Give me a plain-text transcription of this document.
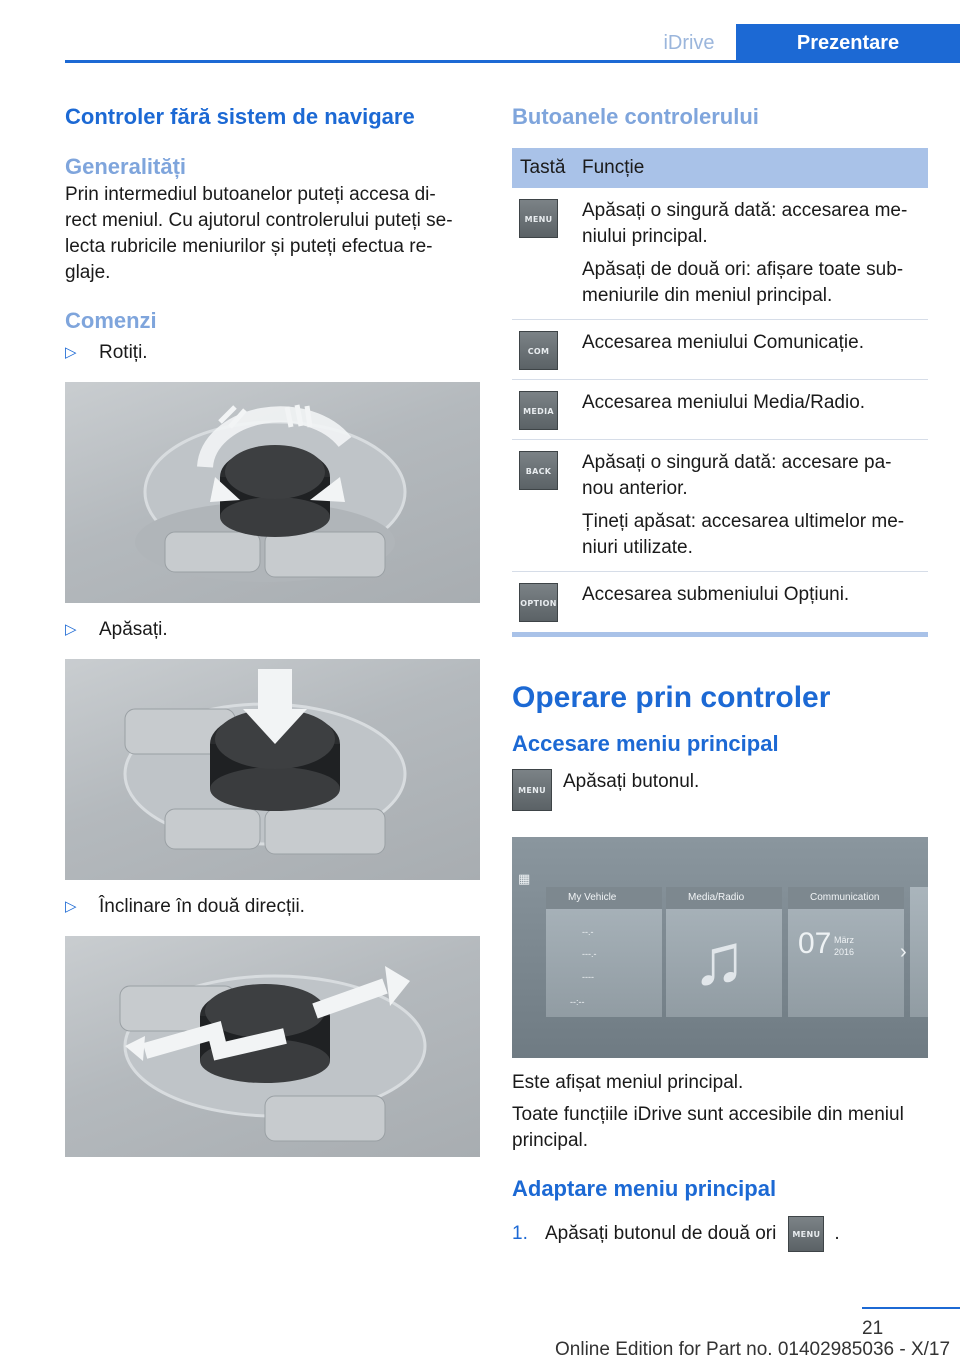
iDrive	Prezentare
Controler fără sistem de navigare
Generalități
Prin intermediul butoanelor puteți accesa di-
rect meniul. Cu ajutorul controlerului puteți se-
lecta rubricile meniurilor și puteți efectua re-
glaje.
Comenzi
▷	Rotiți.
▷	Apăsați.
▷	Înclinare în două direcții.
Butoanele controlerului
Tastă Funcție
MENU Apăsați o singură dată: accesarea me-
niului principal.
Apăsați de două ori: afișare toate sub-
meniurile din meniul principal.
COM	Accesarea meniului Comunicație.
MEDIA Accesarea meniului Media/Radio.
BACK	Apăsați o singură dată: accesare pa-
nou anterior.
Țineți apăsat: accesarea ultimelor me-
niuri utilizate.
OPTION Accesarea submeniului Opțiuni.
Operare prin controler
Accesare meniu principal
MENU Apăsați butonul.
▦
My Vehicle
--.-
---.-
----
--:--
Media/Radio
♫
Communication
07 März
2016 ›
Este afișat meniul principal.
Toate funcțiile iDrive sunt accesibile din meniul
principal.
Adaptare meniu principal
1. Apăsați butonul de două ori	MENU .
21
Online Edition for Part no. 01402985036 - X/17
